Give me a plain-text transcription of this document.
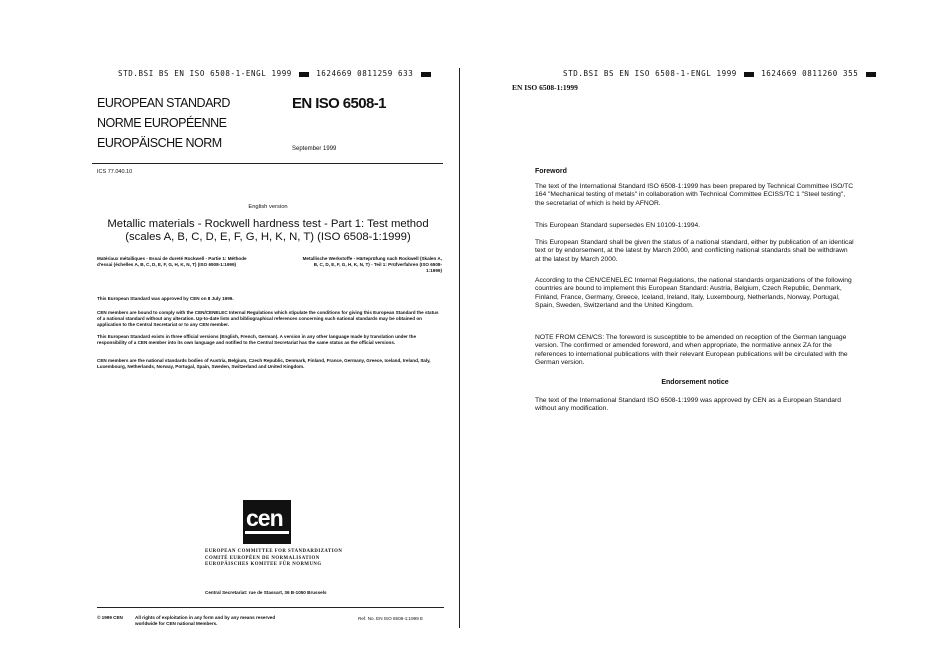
STD.BSI BS EN ISO 6508-1-ENGL 1999	1624669 0811259 633
EUROPEAN STANDARD
NORME EUROPÉENNE
EUROPÄISCHE NORM
EN ISO 6508-1
September 1999
ICS 77.040.10
English version
Metallic materials - Rockwell hardness test - Part 1: Test method
(scales A, B, C, D, E, F, G, H, K, N, T) (ISO 6508-1:1999)
Matériaux métalliques - Essai de dureté Rockwell - Partie 1: Méthode d'essai (échelles A, B, C, D, E, F, G, H, K, N, T) (ISO 6508-1:1999)
Metallische Werkstoffe - Härteprüfung nach Rockwell (Skalen A, B, C, D, E, F, G, H, K, N, T) - Teil 1: Prüfverfahren (ISO 6508-1:1999)
This European Standard was approved by CEN on 8 July 1999.
CEN members are bound to comply with the CEN/CENELEC Internal Regulations which stipulate the conditions for giving this European Standard the status of a national standard without any alteration. Up-to-date lists and bibliographical references concerning such national standards may be obtained on application to the Central Secretariat or to any CEN member.
This European Standard exists in three official versions (English, French, German). A version in any other language made by translation under the responsibility of a CEN member into its own language and notified to the Central Secretariat has the same status as the official versions.
CEN members are the national standards bodies of Austria, Belgium, Czech Republic, Denmark, Finland, France, Germany, Greece, Iceland, Ireland, Italy, Luxembourg, Netherlands, Norway, Portugal, Spain, Sweden, Switzerland and United Kingdom.
cen
EUROPEAN COMMITTEE FOR STANDARDIZATION
COMITÉ EUROPÉEN DE NORMALISATION
EUROPÄISCHES KOMITEE FÜR NORMUNG
Central Secretariat: rue de Stassart, 36 B-1050 Brussels
© 1999 CEN	All rights of exploitation in any form and by any means reserved worldwide for CEN national Members.
Ref. No. EN ISO 6508-1:1999 E
STD.BSI BS EN ISO 6508-1-ENGL 1999	1624669 0811260 355
EN ISO 6508-1:1999
Foreword
The text of the International Standard ISO 6508-1:1999 has been prepared by Technical Committee ISO/TC 164 "Mechanical testing of metals" in collaboration with Technical Committee ECISS/TC 1 "Steel testing", the secretariat of which is held by AFNOR.
This European Standard supersedes EN 10109-1:1994.
This European Standard shall be given the status of a national standard, either by publication of an identical text or by endorsement, at the latest by March 2000, and conflicting national standards shall be withdrawn at the latest by March 2000.
According to the CEN/CENELEC Internal Regulations, the national standards organizations of the following countries are bound to implement this European Standard: Austria, Belgium, Czech Republic, Denmark, Finland, France, Germany, Greece, Iceland, Ireland, Italy, Luxembourg, Netherlands, Norway, Portugal, Spain, Sweden, Switzerland and the United Kingdom.
NOTE FROM CEN/CS: The foreword is susceptible to be amended on reception of the German language version. The confirmed or amended foreword, and when appropriate, the normative annex ZA for the references to international publications with their relevant European publications will be circulated with the German version.
Endorsement notice
The text of the International Standard ISO 6508-1:1999 was approved by CEN as a European Standard without any modification.
